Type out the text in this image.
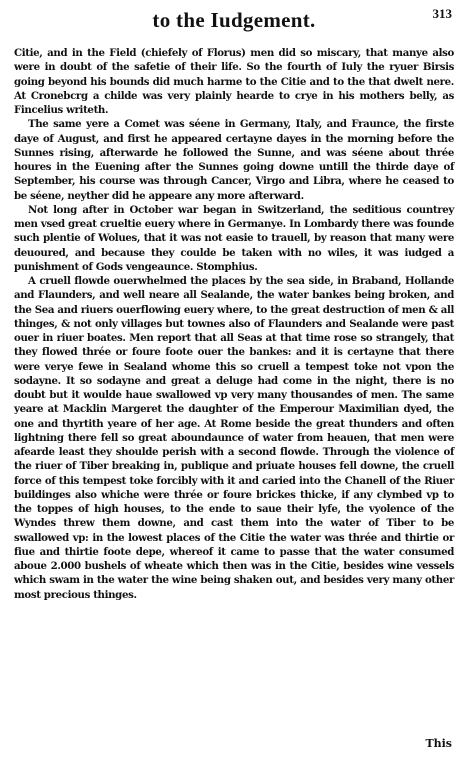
to the Iudgement.	313

Citie, and in the Field (chiefely of Florus) men did so miscary, that manye also were in doubt of the safetie of their life. So the fourth of Iuly the ryuer Birsis going beyond his bounds did much harme to the Citie and to the that dwelt nere. At Cronebcrg a childe was very plainly hearde to crye in his mothers belly, as Fincelius writeth.

The same yere a Comet was séene in Germany, Italy, and Fraunce, the firste daye of August, and first he appeared certayne dayes in the morning before the Sunnes rising, afterwarde he followed the Sunne, and was séene about thrée houres in the Euening after the Sunnes going downe untill the thirde daye of September, his course was through Cancer, Virgo and Libra, where he ceased to be séene, neyther did he appeare any more afterward.

Not long after in October war began in Switzerland, the seditious countrey men vsed great crueltie euery where in Germanye. In Lombardy there was founde such plentie of Wolues, that it was not easie to trauell, by reason that many were deuoured, and because they coulde be taken with no wiles, it was iudged a punishment of Gods vengeaunce. Stomphius.

A cruell flowde ouerwhelmed the places by the sea side, in Braband, Hollande and Flaunders, and well neare all Sealande, the water bankes being broken, and the Sea and riuers ouerflowing euery where, to the great destruction of men & all thinges, & not only villages but townes also of Flaunders and Sealande were past ouer in riuer boates. Men report that all Seas at that time rose so strangely, that they flowed thrée or foure foote ouer the bankes: and it is certayne that there were verye fewe in Sealand whome this so cruell a tempest toke not vpon the sodayne. It so sodayne and great a deluge had come in the night, there is no doubt but it woulde haue swallowed vp very many thousandes of men. The same yeare at Macklin Margeret the daughter of the Emperour Maximilian dyed, the one and thyrtith yeare of her age. At Rome beside the great thunders and often lightning there fell so great aboundaunce of water from heauen, that men were afearde least they shoulde perish with a second flowde. Through the violence of the riuer of Tiber breaking in, publique and priuate houses fell downe, the cruell force of this tempest toke forcibly with it and caried into the Chanell of the Riuer buildinges also whiche were thrée or foure brickes thicke, if any clymbed vp to the toppes of high houses, to the ende to saue their lyfe, the vyolence of the Wyndes threw them downe, and cast them into the water of Tiber to be swallowed vp: in the lowest places of the Citie the water was thrée and thirtie or fiue and thirtie foote depe, whereof it came to passe that the water consumed aboue 2.000 bushels of wheate which then was in the Citie, besides wine vessels which swam in the water the wine being shaken out, and besides very many other most precious thinges.

This
